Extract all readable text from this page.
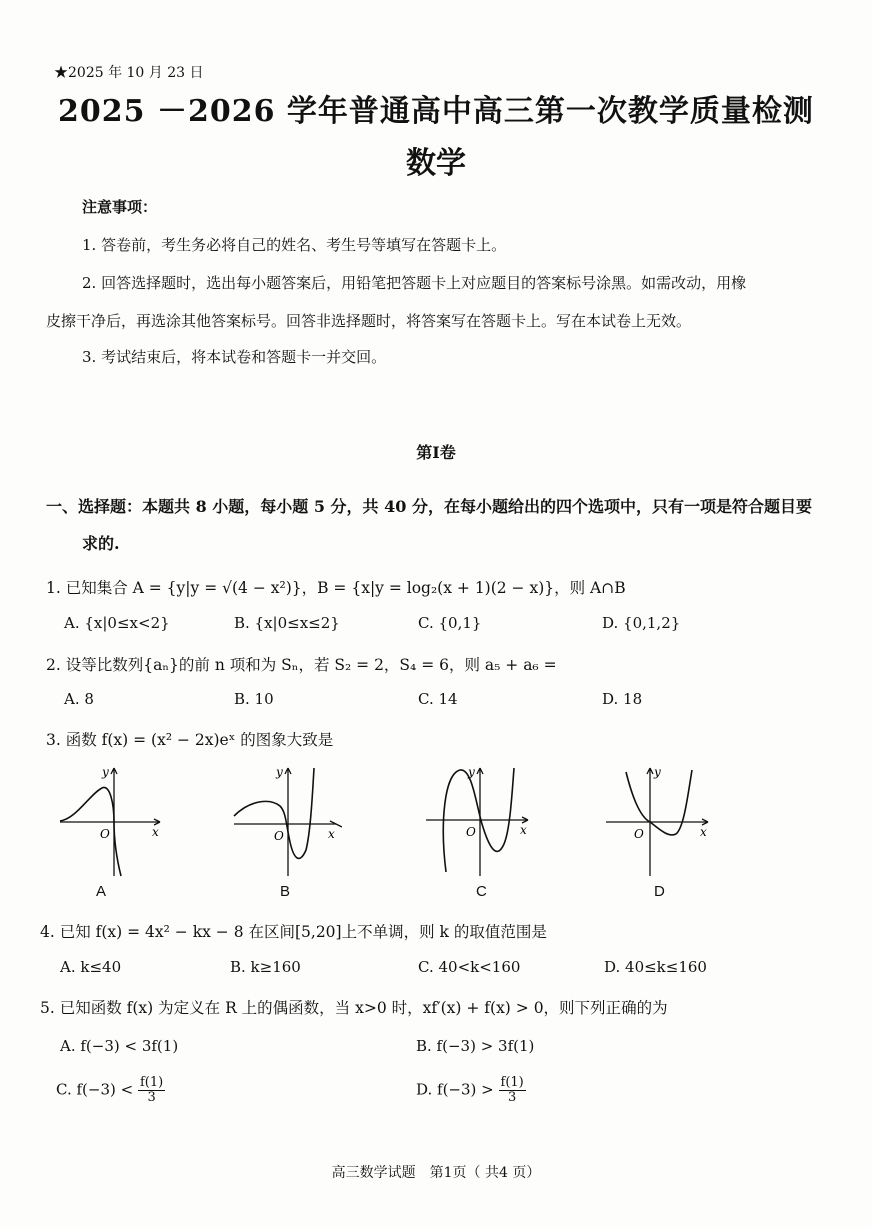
★2025 年 10 月 23 日
2025 －2026 学年普通高中高三第一次教学质量检测
数学
注意事项：
1. 答卷前，考生务必将自己的姓名、考生号等填写在答题卡上。
2. 回答选择题时，选出每小题答案后，用铅笔把答题卡上对应题目的答案标号涂黑。如需改动，用橡
皮擦干净后，再选涂其他答案标号。回答非选择题时，将答案写在答题卡上。写在本试卷上无效。
3. 考试结束后，将本试卷和答题卡一并交回。
第Ⅰ卷
一、选择题：本题共 8 小题，每小题 5 分，共 40 分，在每小题给出的四个选项中，只有一项是符合题目要
求的.
1. 已知集合 A = {y|y = √(4 − x²)}，B = {x|y = log₂(x + 1)(2 − x)}，则 A∩B
A. {x|0≤x<2}	B. {x|0≤x≤2}	C. {0,1}	D. {0,1,2}
2. 设等比数列{aₙ}的前 n 项和为 Sₙ，若 S₂ = 2，S₄ = 6，则 a₅ + a₆ =
A. 8	B. 10	C. 14	D. 18
3. 函数 f(x) = (x² − 2x)eˣ 的图象大致是
y
x
O
A
y
x
O
B
y
x
O
C
y
x
O
D
4. 已知 f(x) = 4x² − kx − 8 在区间[5,20]上不单调，则 k 的取值范围是
A. k≤40	B. k≥160	C. 40<k<160	D. 40≤k≤160
5. 已知函数 f(x) 为定义在 R 上的偶函数，当 x>0 时，xf′(x) + f(x) > 0，则下列正确的为
A. f(−3) < 3f(1)	B. f(−3) > 3f(1)
C. $f(-3) < \frac{f(1)}{3}$	D. $f(-3) > \frac{f(1)}{3}$
高三数学试题　第1页（ 共4 页）
